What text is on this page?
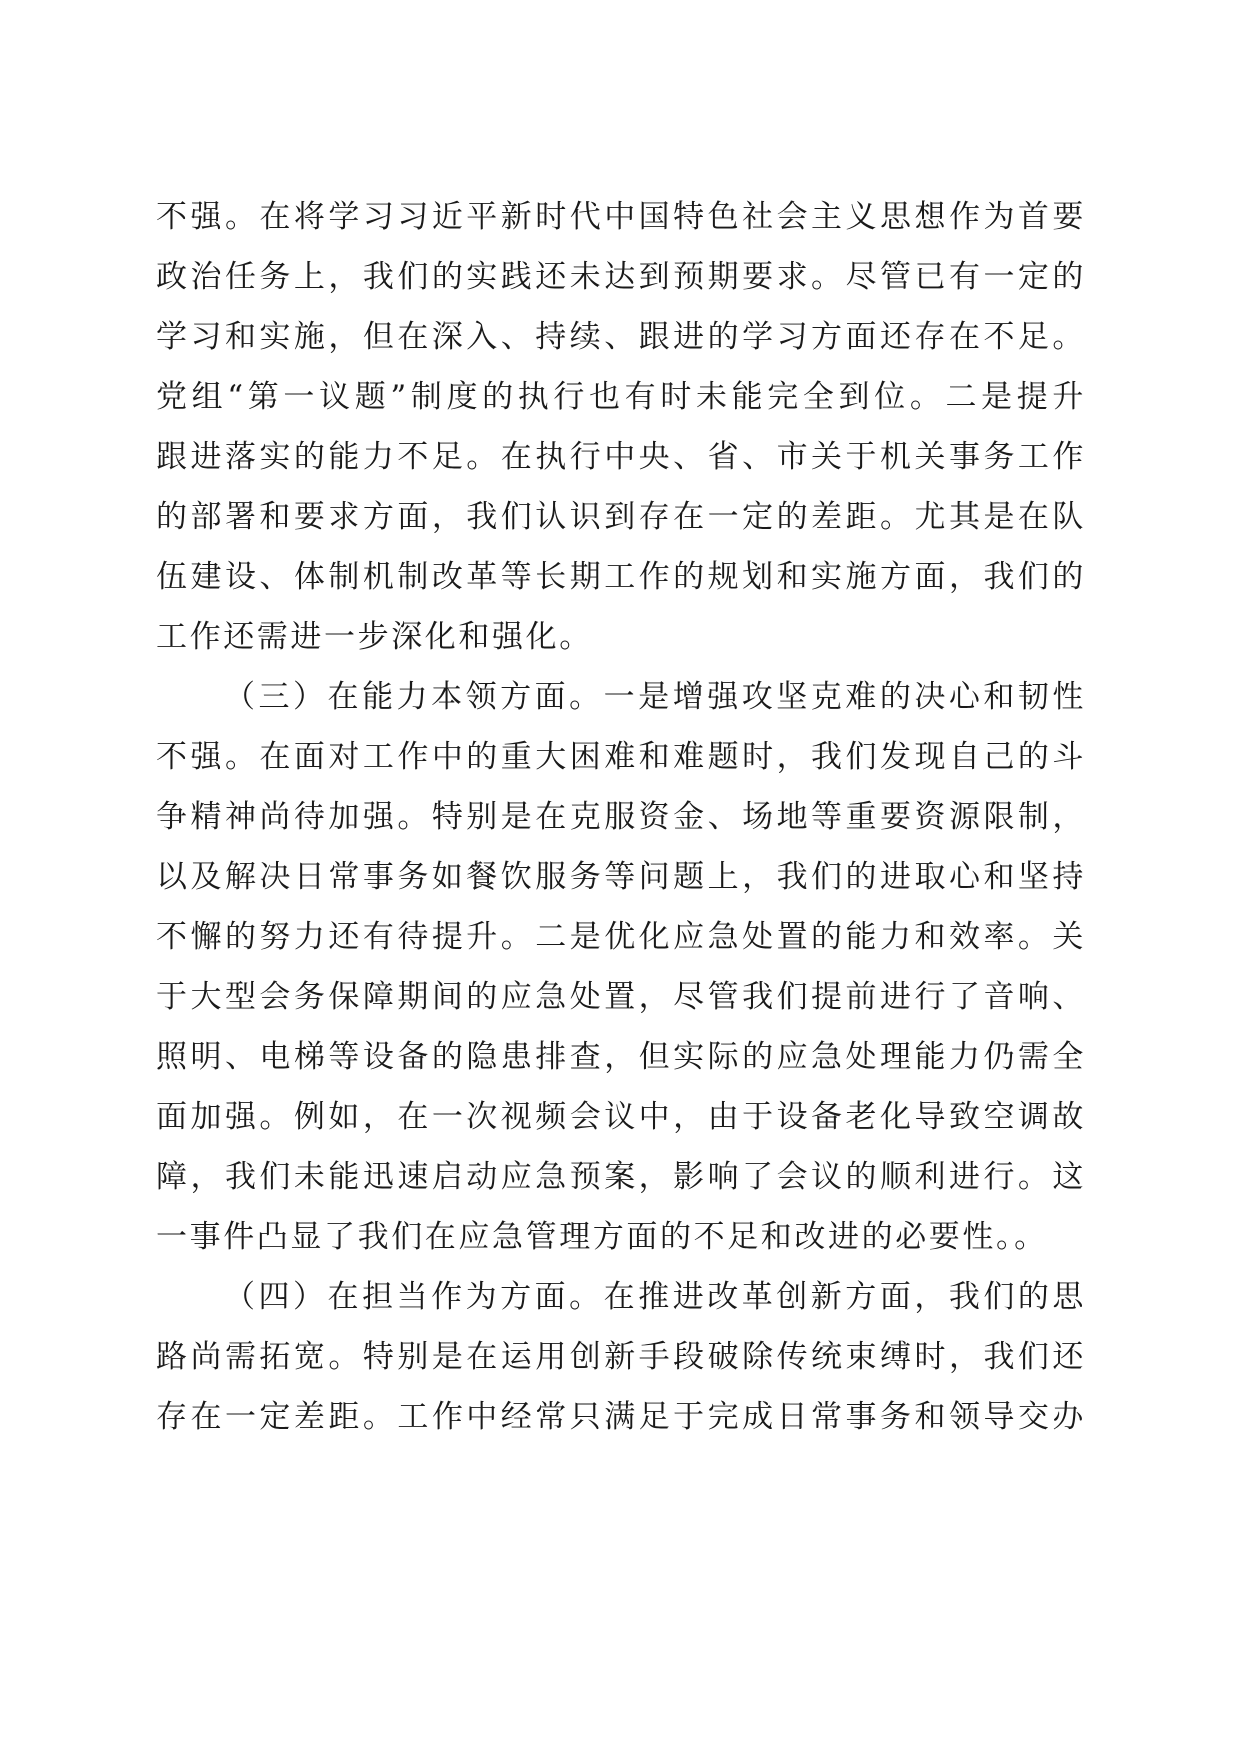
不强。在将学习习近平新时代中国特色社会主义思想作为首要
政治任务上，我们的实践还未达到预期要求。尽管已有一定的
学习和实施，但在深入、持续、跟进的学习方面还存在不足。
党组“第一议题”制度的执行也有时未能完全到位。二是提升
跟进落实的能力不足。在执行中央、省、市关于机关事务工作
的部署和要求方面，我们认识到存在一定的差距。尤其是在队
伍建设、体制机制改革等长期工作的规划和实施方面，我们的
工作还需进一步深化和强化。
（三）在能力本领方面。一是增强攻坚克难的决心和韧性
不强。在面对工作中的重大困难和难题时，我们发现自己的斗
争精神尚待加强。特别是在克服资金、场地等重要资源限制，
以及解决日常事务如餐饮服务等问题上，我们的进取心和坚持
不懈的努力还有待提升。二是优化应急处置的能力和效率。关
于大型会务保障期间的应急处置，尽管我们提前进行了音响、
照明、电梯等设备的隐患排查，但实际的应急处理能力仍需全
面加强。例如，在一次视频会议中，由于设备老化导致空调故
障，我们未能迅速启动应急预案，影响了会议的顺利进行。这
一事件凸显了我们在应急管理方面的不足和改进的必要性。。
（四）在担当作为方面。在推进改革创新方面，我们的思
路尚需拓宽。特别是在运用创新手段破除传统束缚时，我们还
存在一定差距。工作中经常只满足于完成日常事务和领导交办
